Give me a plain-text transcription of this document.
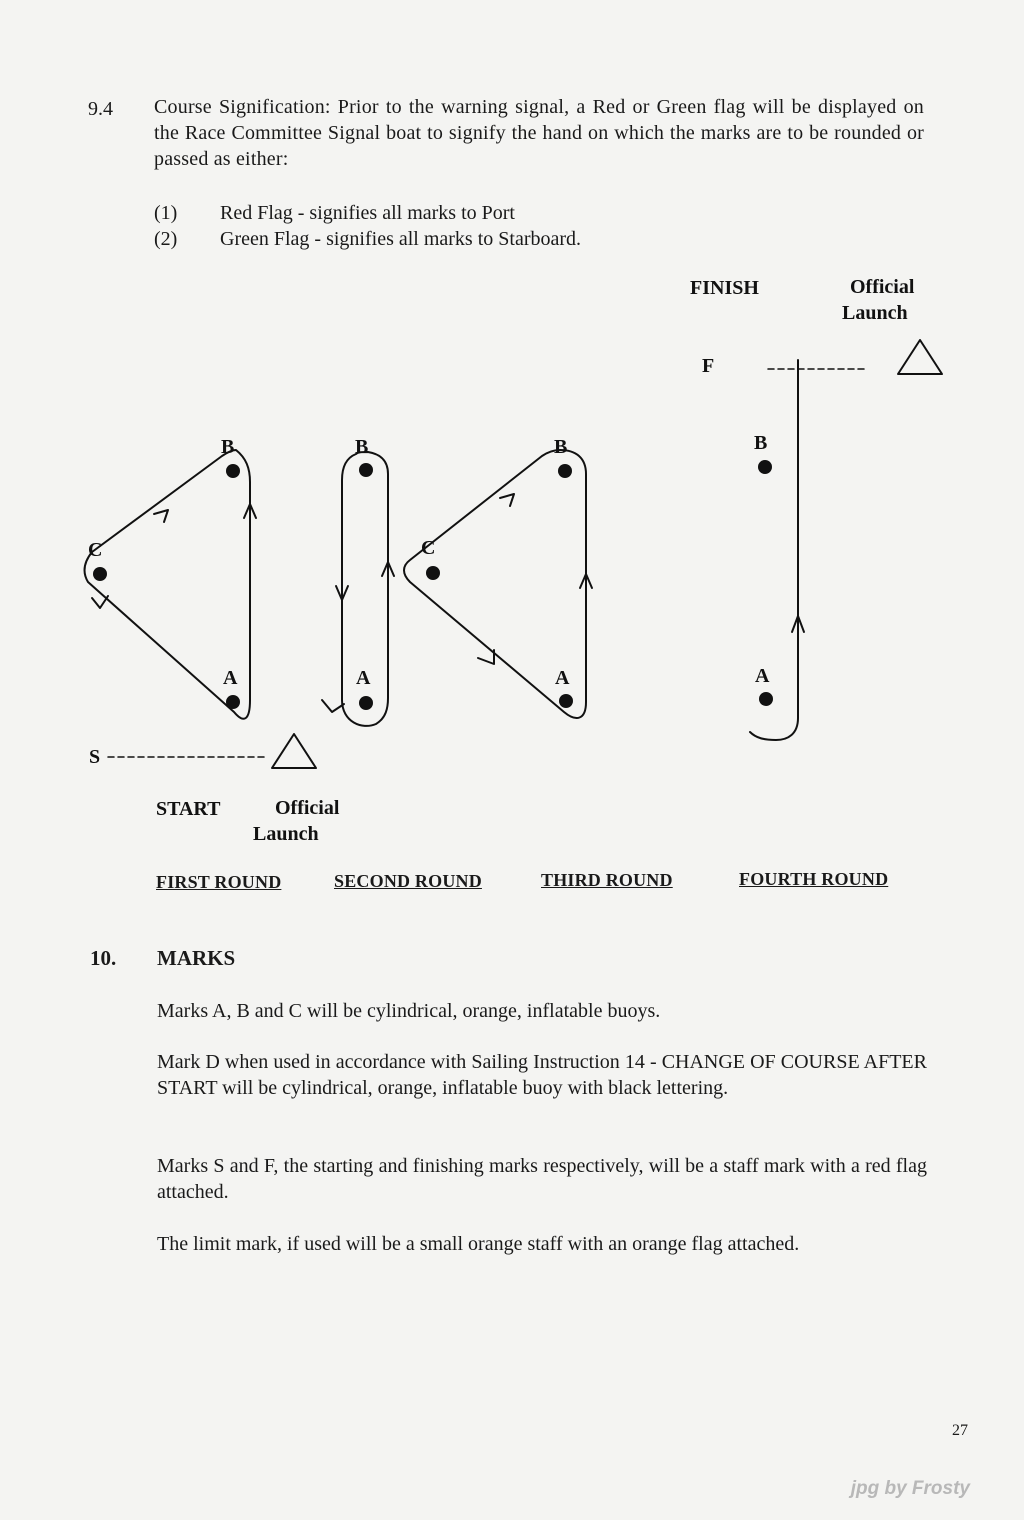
9.4	Course Signification: Prior to the warning signal, a Red or Green flag will be displayed on the Race Committee Signal boat to signify the hand on which the marks are to be rounded or passed as either:
(1) Red Flag - signifies all marks to Port
(2) Green Flag - signifies all marks to Starboard.
FINISH	Official
Launch
F
B
C
A
B
A
B
C
A
B
A
S
START	Official
Launch
FIRST ROUND	SECOND ROUND	THIRD ROUND	FOURTH ROUND
10. MARKS
Marks A, B and C will be cylindrical, orange, inflatable buoys.
Mark D when used in accordance with Sailing Instruction 14 - CHANGE OF COURSE AFTER START will be cylindrical, orange, inflatable buoy with black lettering.
Marks S and F, the starting and finishing marks respectively, will be a staff mark with a red flag attached.
The limit mark, if used will be a small orange staff with an orange flag attached.
27
jpg by Frosty
